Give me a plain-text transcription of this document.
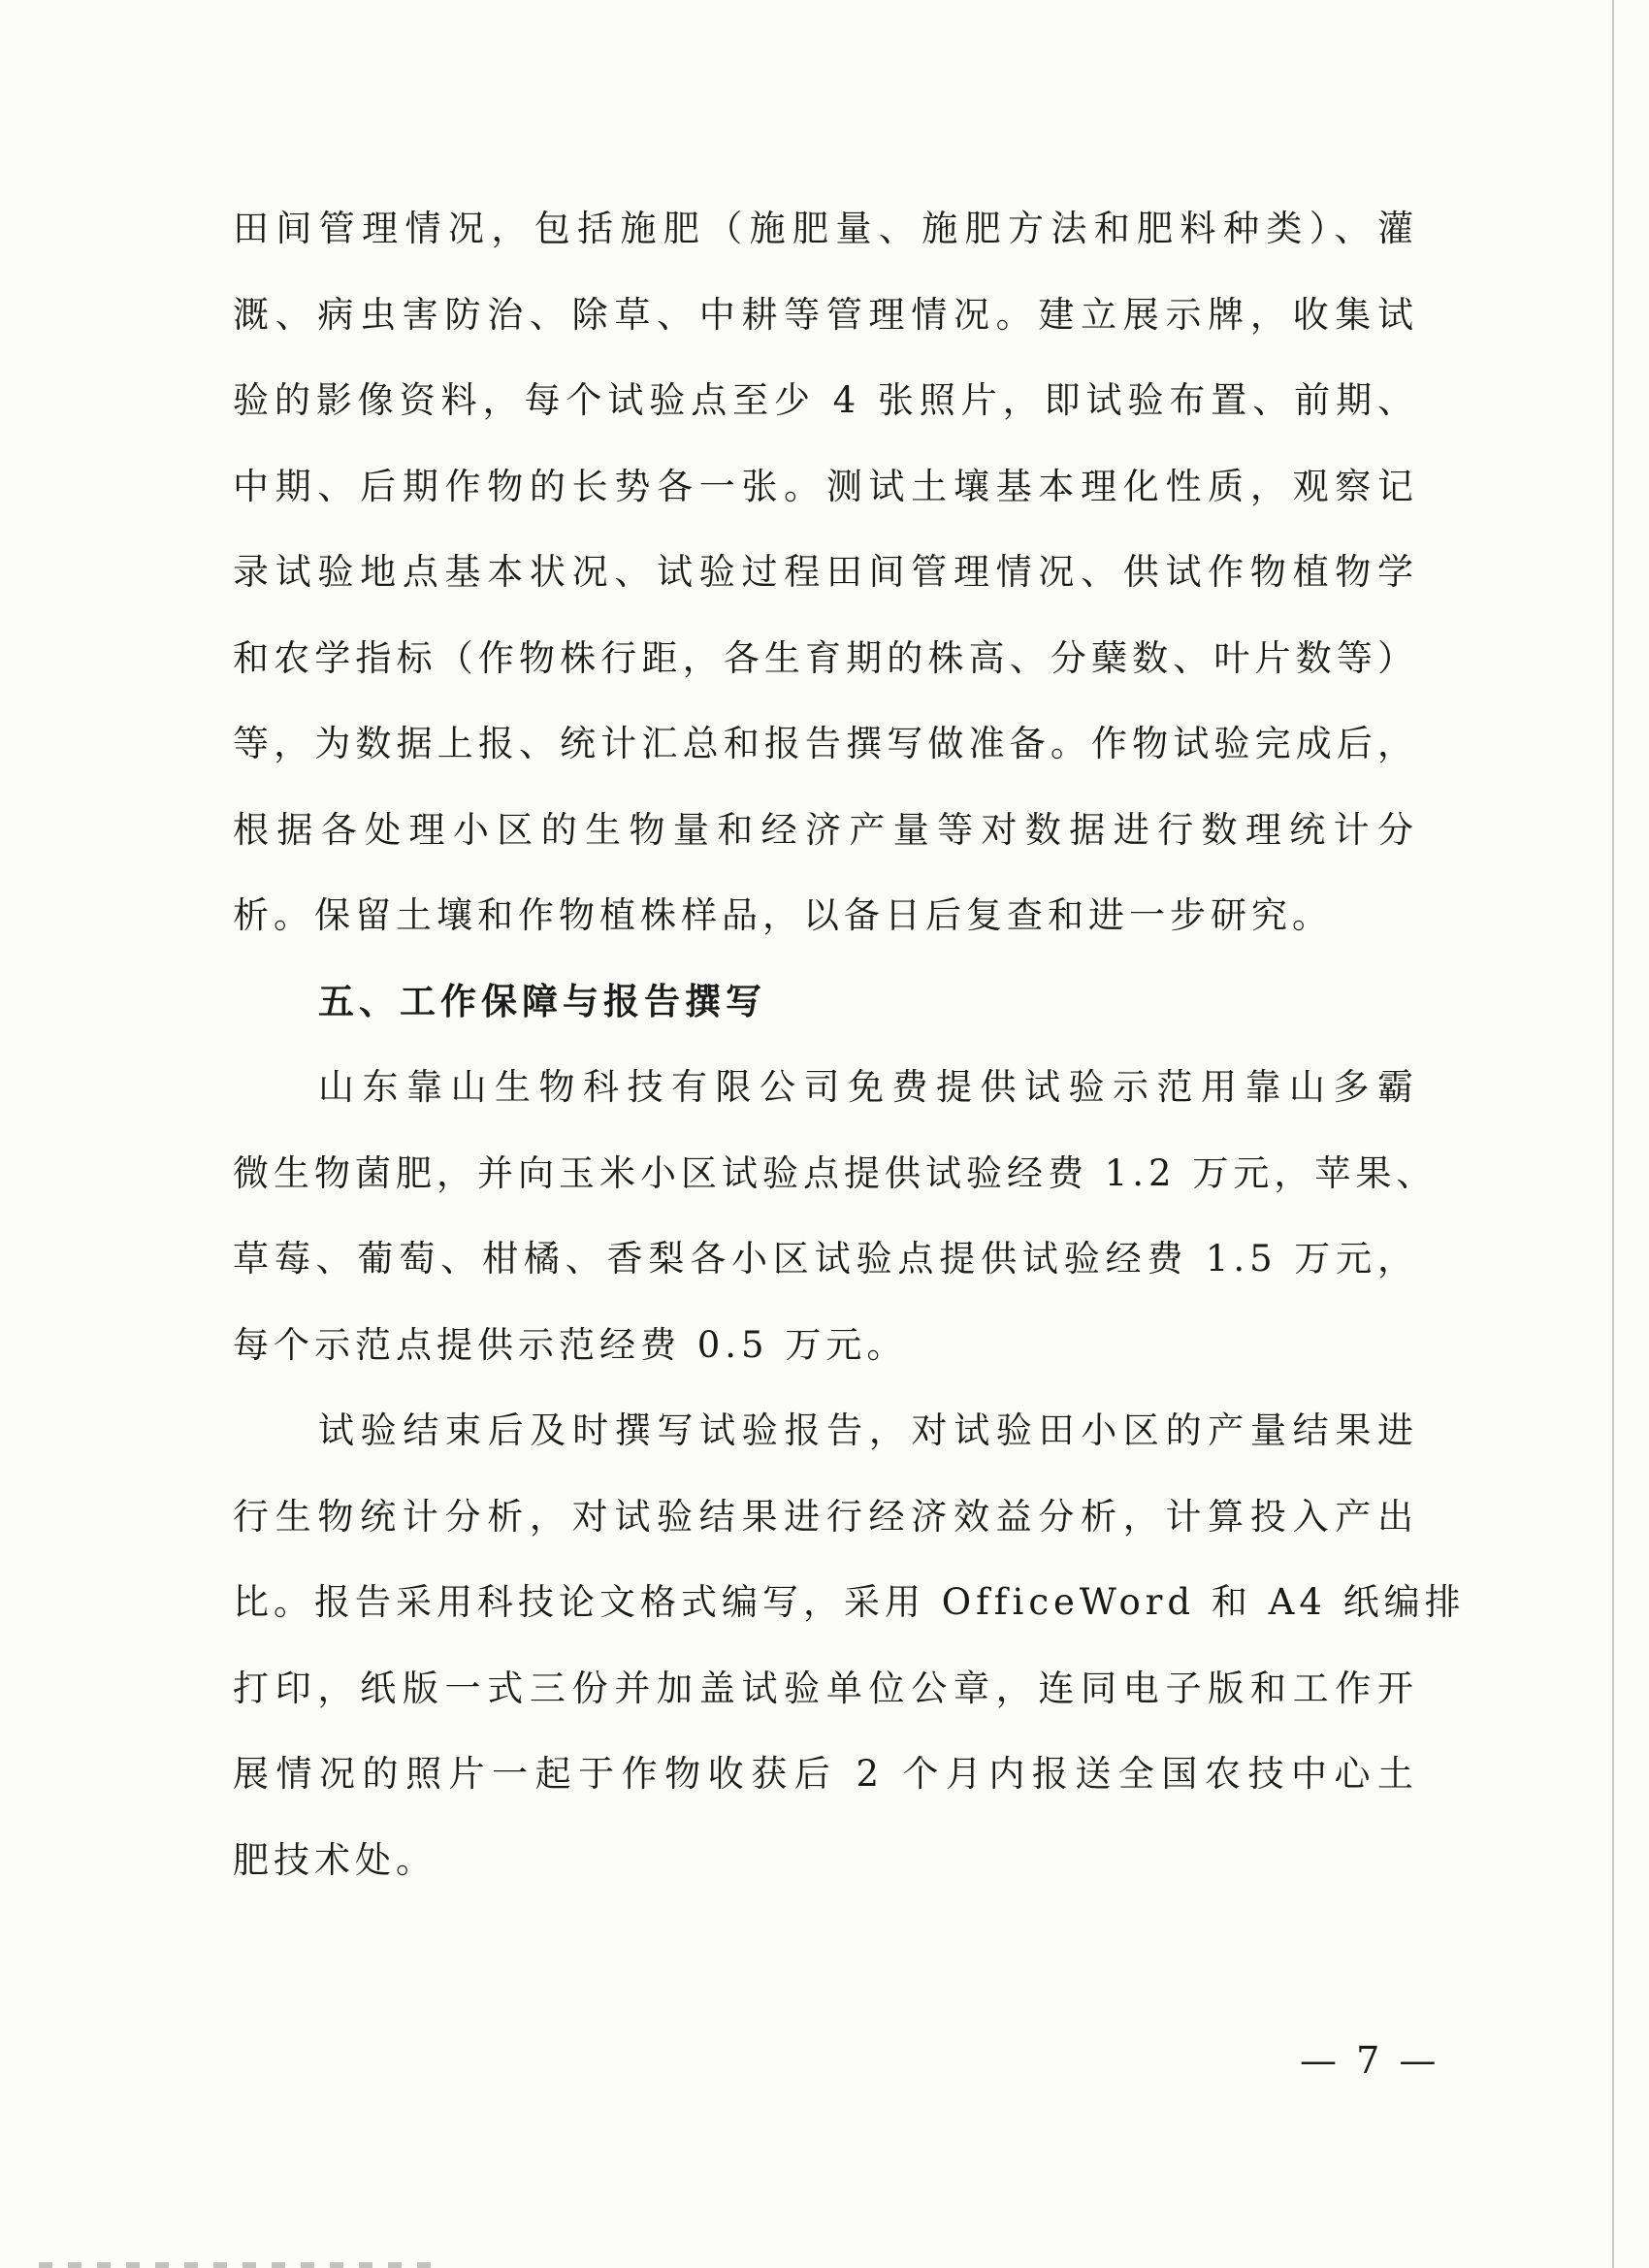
田间管理情况，包括施肥（施肥量、施肥方法和肥料种类）、灌
溉、病虫害防治、除草、中耕等管理情况。建立展示牌，收集试
验的影像资料，每个试验点至少 4 张照片，即试验布置、前期、
中期、后期作物的长势各一张。测试土壤基本理化性质，观察记
录试验地点基本状况、试验过程田间管理情况、供试作物植物学
和农学指标（作物株行距，各生育期的株高、分蘖数、叶片数等）
等，为数据上报、统计汇总和报告撰写做准备。作物试验完成后，
根据各处理小区的生物量和经济产量等对数据进行数理统计分
析。保留土壤和作物植株样品，以备日后复查和进一步研究。
五、工作保障与报告撰写
山东靠山生物科技有限公司免费提供试验示范用靠山多霸
微生物菌肥，并向玉米小区试验点提供试验经费 1.2 万元，苹果、
草莓、葡萄、柑橘、香梨各小区试验点提供试验经费 1.5 万元，
每个示范点提供示范经费 0.5 万元。
试验结束后及时撰写试验报告，对试验田小区的产量结果进
行生物统计分析，对试验结果进行经济效益分析，计算投入产出
比。报告采用科技论文格式编写，采用 OfficeWord 和 A4 纸编排
打印，纸版一式三份并加盖试验单位公章，连同电子版和工作开
展情况的照片一起于作物收获后 2 个月内报送全国农技中心土
肥技术处。
— 7 —
